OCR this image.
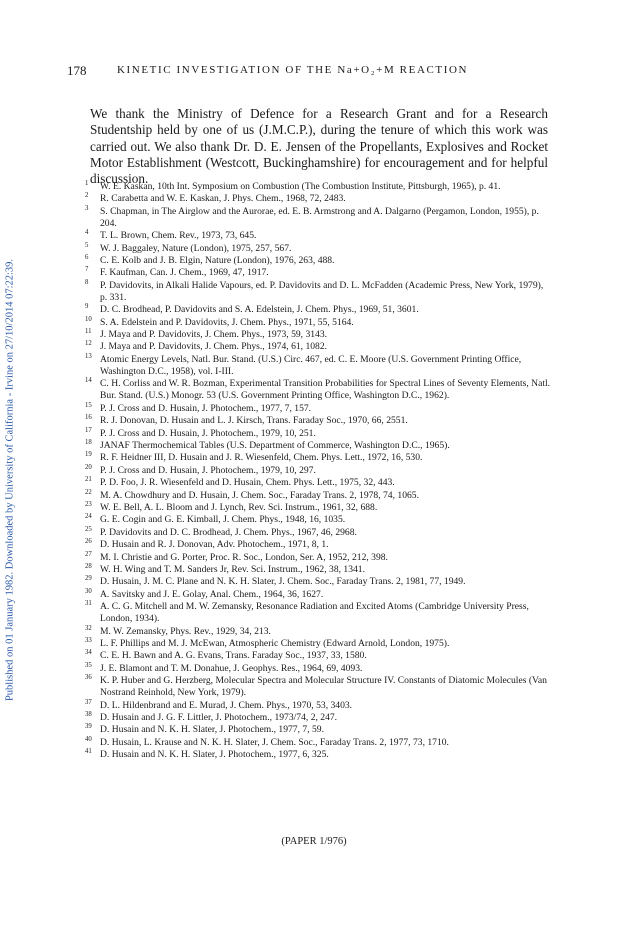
Published on 01 January 1982. Downloaded by University of California - Irvine on 27/10/2014 07:22:39.
178	KINETIC INVESTIGATION OF THE Na+O₂+M REACTION

We thank the Ministry of Defence for a Research Grant and for a Research Studentship held by one of us (J.M.C.P.), during the tenure of which this work was carried out. We also thank Dr. D. E. Jensen of the Propellants, Explosives and Rocket Motor Establishment (Westcott, Buckinghamshire) for encouragement and for helpful discussion.

1 W. E. Kaskan, 10th Int. Symposium on Combustion (The Combustion Institute, Pittsburgh, 1965), p. 41.
2 R. Carabetta and W. E. Kaskan, J. Phys. Chem., 1968, 72, 2483.
3 S. Chapman, in The Airglow and the Aurorae, ed. E. B. Armstrong and A. Dalgarno (Pergamon, London, 1955), p. 204.
4 T. L. Brown, Chem. Rev., 1973, 73, 645.
5 W. J. Baggaley, Nature (London), 1975, 257, 567.
6 C. E. Kolb and J. B. Elgin, Nature (London), 1976, 263, 488.
7 F. Kaufman, Can. J. Chem., 1969, 47, 1917.
8 P. Davidovits, in Alkali Halide Vapours, ed. P. Davidovits and D. L. McFadden (Academic Press, New York, 1979), p. 331.
9 D. C. Brodhead, P. Davidovits and S. A. Edelstein, J. Chem. Phys., 1969, 51, 3601.
10 S. A. Edelstein and P. Davidovits, J. Chem. Phys., 1971, 55, 5164.
11 J. Maya and P. Davidovits, J. Chem. Phys., 1973, 59, 3143.
12 J. Maya and P. Davidovits, J. Chem. Phys., 1974, 61, 1082.
13 Atomic Energy Levels, Natl. Bur. Stand. (U.S.) Circ. 467, ed. C. E. Moore (U.S. Government Printing Office, Washington D.C., 1958), vol. I-III.
14 C. H. Corliss and W. R. Bozman, Experimental Transition Probabilities for Spectral Lines of Seventy Elements, Natl. Bur. Stand. (U.S.) Monogr. 53 (U.S. Government Printing Office, Washington D.C., 1962).
15 P. J. Cross and D. Husain, J. Photochem., 1977, 7, 157.
16 R. J. Donovan, D. Husain and L. J. Kirsch, Trans. Faraday Soc., 1970, 66, 2551.
17 P. J. Cross and D. Husain, J. Photochem., 1979, 10, 251.
18 JANAF Thermochemical Tables (U.S. Department of Commerce, Washington D.C., 1965).
19 R. F. Heidner III, D. Husain and J. R. Wiesenfeld, Chem. Phys. Lett., 1972, 16, 530.
20 P. J. Cross and D. Husain, J. Photochem., 1979, 10, 297.
21 P. D. Foo, J. R. Wiesenfeld and D. Husain, Chem. Phys. Lett., 1975, 32, 443.
22 M. A. Chowdhury and D. Husain, J. Chem. Soc., Faraday Trans. 2, 1978, 74, 1065.
23 W. E. Bell, A. L. Bloom and J. Lynch, Rev. Sci. Instrum., 1961, 32, 688.
24 G. E. Cogin and G. E. Kimball, J. Chem. Phys., 1948, 16, 1035.
25 P. Davidovits and D. C. Brodhead, J. Chem. Phys., 1967, 46, 2968.
26 D. Husain and R. J. Donovan, Adv. Photochem., 1971, 8, 1.
27 M. I. Christie and G. Porter, Proc. R. Soc., London, Ser. A, 1952, 212, 398.
28 W. H. Wing and T. M. Sanders Jr, Rev. Sci. Instrum., 1962, 38, 1341.
29 D. Husain, J. M. C. Plane and N. K. H. Slater, J. Chem. Soc., Faraday Trans. 2, 1981, 77, 1949.
30 A. Savitsky and J. E. Golay, Anal. Chem., 1964, 36, 1627.
31 A. C. G. Mitchell and M. W. Zemansky, Resonance Radiation and Excited Atoms (Cambridge University Press, London, 1934).
32 M. W. Zemansky, Phys. Rev., 1929, 34, 213.
33 L. F. Phillips and M. J. McEwan, Atmospheric Chemistry (Edward Arnold, London, 1975).
34 C. E. H. Bawn and A. G. Evans, Trans. Faraday Soc., 1937, 33, 1580.
35 J. E. Blamont and T. M. Donahue, J. Geophys. Res., 1964, 69, 4093.
36 K. P. Huber and G. Herzberg, Molecular Spectra and Molecular Structure IV. Constants of Diatomic Molecules (Van Nostrand Reinhold, New York, 1979).
37 D. L. Hildenbrand and E. Murad, J. Chem. Phys., 1970, 53, 3403.
38 D. Husain and J. G. F. Littler, J. Photochem., 1973/74, 2, 247.
39 D. Husain and N. K. H. Slater, J. Photochem., 1977, 7, 59.
40 D. Husain, L. Krause and N. K. H. Slater, J. Chem. Soc., Faraday Trans. 2, 1977, 73, 1710.
41 D. Husain and N. K. H. Slater, J. Photochem., 1977, 6, 325.
(PAPER 1/976)
